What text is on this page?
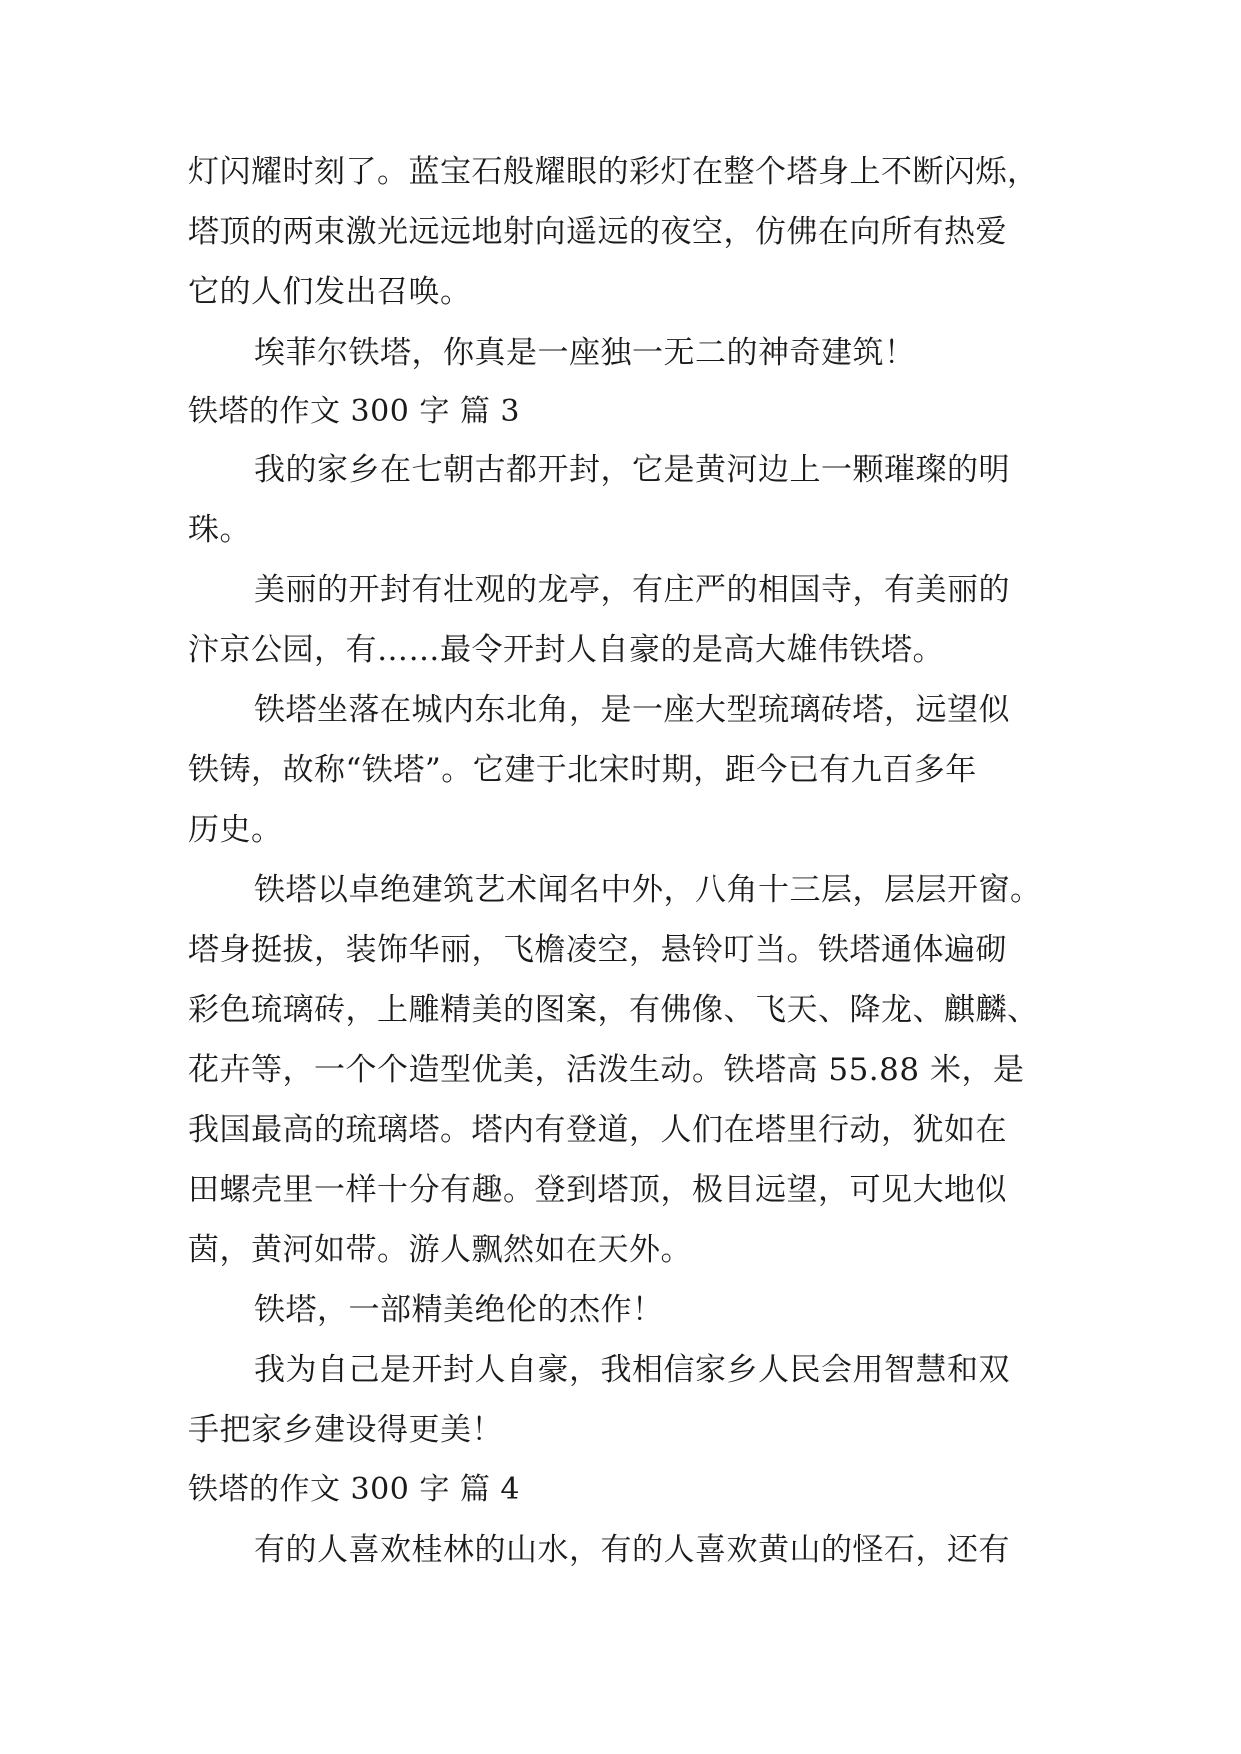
灯闪耀时刻了。蓝宝石般耀眼的彩灯在整个塔身上不断闪烁，
塔顶的两束激光远远地射向遥远的夜空，仿佛在向所有热爱
它的人们发出召唤。
埃菲尔铁塔，你真是一座独一无二的神奇建筑！
铁塔的作文 300 字 篇 3
我的家乡在七朝古都开封，它是黄河边上一颗璀璨的明
珠。
美丽的开封有壮观的龙亭，有庄严的相国寺，有美丽的
汴京公园，有……最令开封人自豪的是高大雄伟铁塔。
铁塔坐落在城内东北角，是一座大型琉璃砖塔，远望似
铁铸，故称“铁塔”。它建于北宋时期，距今已有九百多年
历史。
铁塔以卓绝建筑艺术闻名中外，八角十三层，层层开窗。
塔身挺拔，装饰华丽，飞檐凌空，悬铃叮当。铁塔通体遍砌
彩色琉璃砖，上雕精美的图案，有佛像、飞天、降龙、麒麟、
花卉等，一个个造型优美，活泼生动。铁塔高 55.88 米，是
我国最高的琉璃塔。塔内有登道，人们在塔里行动，犹如在
田螺壳里一样十分有趣。登到塔顶，极目远望，可见大地似
茵，黄河如带。游人飘然如在天外。
铁塔，一部精美绝伦的杰作！
我为自己是开封人自豪，我相信家乡人民会用智慧和双
手把家乡建设得更美！
铁塔的作文 300 字 篇 4
有的人喜欢桂林的山水，有的人喜欢黄山的怪石，还有
